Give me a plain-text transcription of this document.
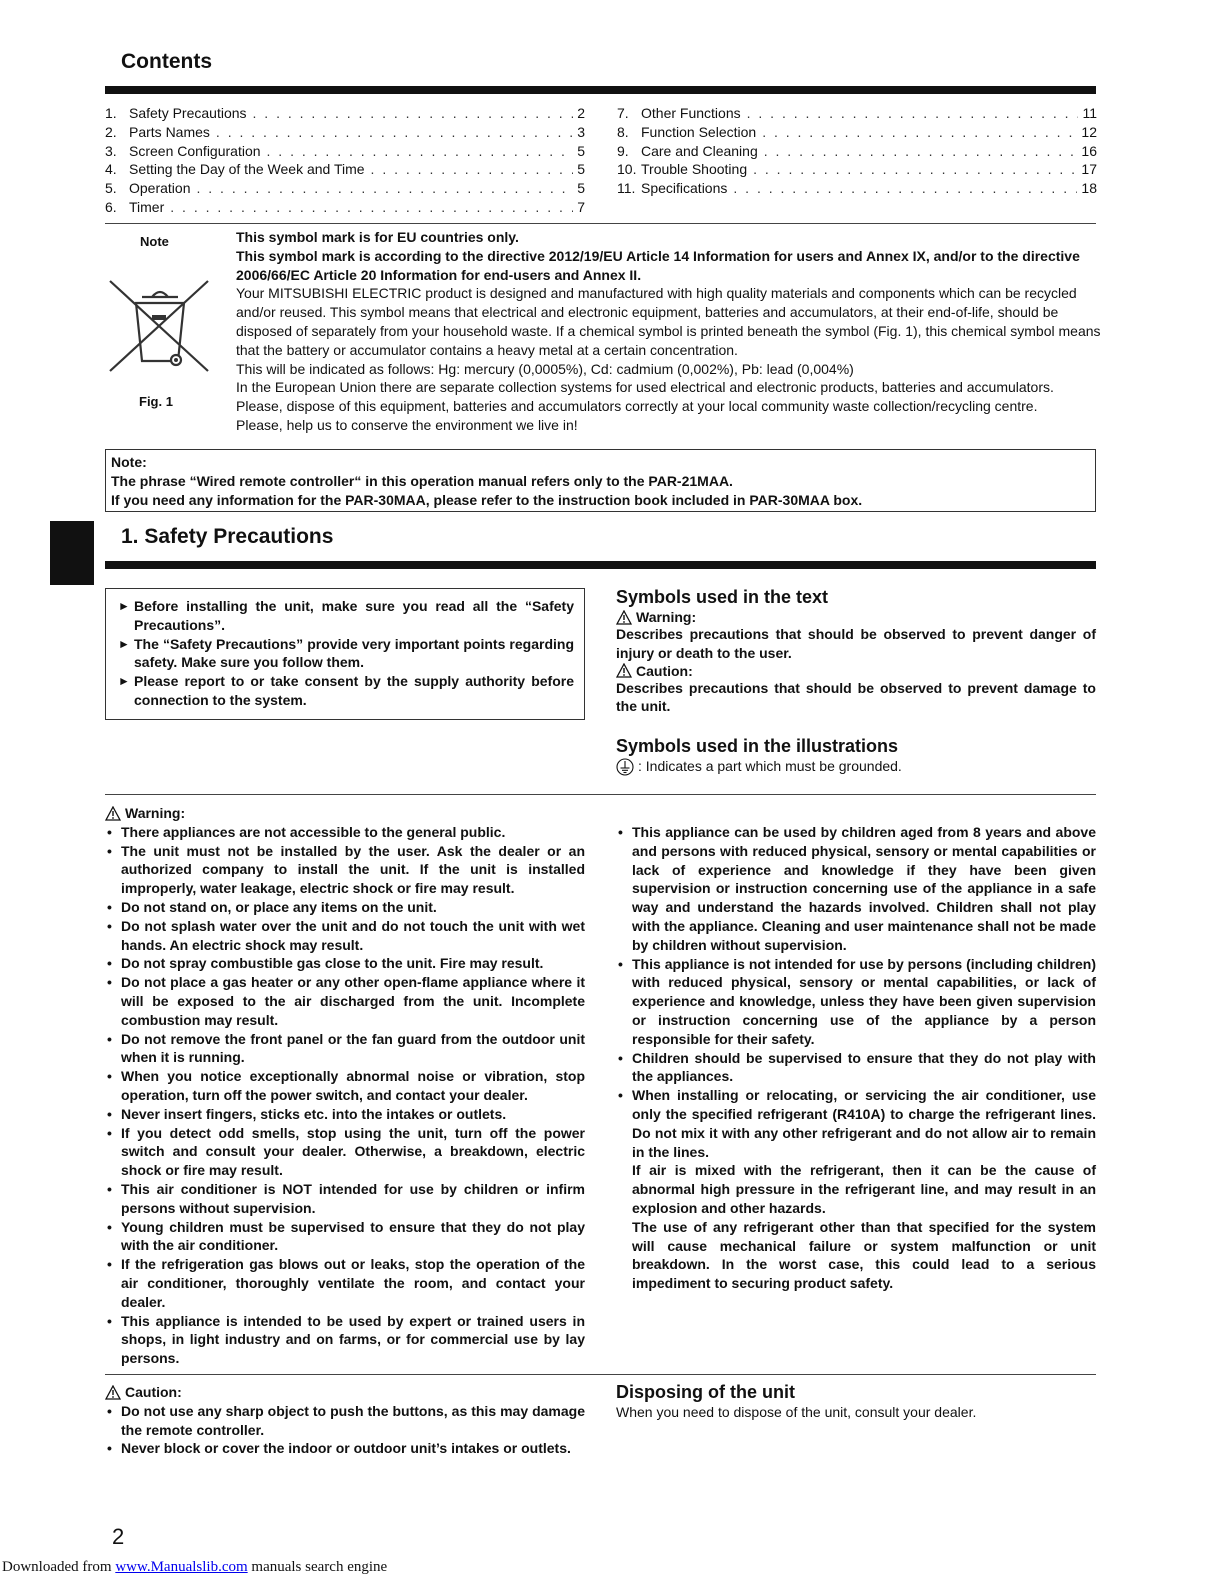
Contents
1. Safety Precautions . . .	2
2. Parts Names . . .	3
3. Screen Configuration . . .	5
4. Setting the Day of the Week and Time . . .	5
5. Operation . . .	5
6. Timer . . .	7
7. Other Functions . . .	11
8. Function Selection . . .	12
9. Care and Cleaning . . .	16
10. Trouble Shooting . . .	17
11. Specifications . . .	18
Note
Fig. 1
This symbol mark is for EU countries only.
This symbol mark is according to the directive 2012/19/EU Article 14 Information for users and Annex IX, and/or to the directive 2006/66/EC Article 20 Information for end-users and Annex II.
Your MITSUBISHI ELECTRIC product is designed and manufactured with high quality materials and components which can be recycled and/or reused. This symbol means that electrical and electronic equipment, batteries and accumulators, at their end-of-life, should be disposed of separately from your household waste. If a chemical symbol is printed beneath the symbol (Fig. 1), this chemical symbol means that the battery or accumulator contains a heavy metal at a certain concentration.
This will be indicated as follows: Hg: mercury (0,0005%), Cd: cadmium (0,002%), Pb: lead (0,004%)
In the European Union there are separate collection systems for used electrical and electronic products, batteries and accumulators.
Please, dispose of this equipment, batteries and accumulators correctly at your local community waste collection/recycling centre.
Please, help us to conserve the environment we live in!
Note:
The phrase “Wired remote controller“ in this operation manual refers only to the PAR-21MAA.
If you need any information for the PAR-30MAA, please refer to the instruction book included in PAR-30MAA box.
1. Safety Precautions
► Before installing the unit, make sure you read all the “Safety Precautions”.
► The “Safety Precautions” provide very important points regarding safety. Make sure you follow them.
► Please report to or take consent by the supply authority before connection to the system.
Symbols used in the text
Warning:
Describes precautions that should be observed to prevent danger of injury or death to the user.
Caution:
Describes precautions that should be observed to prevent damage to the unit.
Symbols used in the illustrations
: Indicates a part which must be grounded.
Warning:
• There appliances are not accessible to the general public.
• The unit must not be installed by the user. Ask the dealer or an authorized company to install the unit. If the unit is installed improperly, water leakage, electric shock or fire may result.
• Do not stand on, or place any items on the unit.
• Do not splash water over the unit and do not touch the unit with wet hands. An electric shock may result.
• Do not spray combustible gas close to the unit. Fire may result.
• Do not place a gas heater or any other open-flame appliance where it will be exposed to the air discharged from the unit. Incomplete combustion may result.
• Do not remove the front panel or the fan guard from the outdoor unit when it is running.
• When you notice exceptionally abnormal noise or vibration, stop operation, turn off the power switch, and contact your dealer.
• Never insert fingers, sticks etc. into the intakes or outlets.
• If you detect odd smells, stop using the unit, turn off the power switch and consult your dealer. Otherwise, a breakdown, electric shock or fire may result.
• This air conditioner is NOT intended for use by children or infirm persons without supervision.
• Young children must be supervised to ensure that they do not play with the air conditioner.
• If the refrigeration gas blows out or leaks, stop the operation of the air conditioner, thoroughly ventilate the room, and contact your dealer.
• This appliance is intended to be used by expert or trained users in shops, in light industry and on farms, or for commercial use by lay persons.
• This appliance can be used by children aged from 8 years and above and persons with reduced physical, sensory or mental capabilities or lack of experience and knowledge if they have been given supervision or instruction concerning use of the appliance in a safe way and understand the hazards involved. Children shall not play with the appliance. Cleaning and user maintenance shall not be made by children without supervision.
• This appliance is not intended for use by persons (including children) with reduced physical, sensory or mental capabilities, or lack of experience and knowledge, unless they have been given supervision or instruction concerning use of the appliance by a person responsible for their safety.
• Children should be supervised to ensure that they do not play with the appliances.
• When installing or relocating, or servicing the air conditioner, use only the specified refrigerant (R410A) to charge the refrigerant lines. Do not mix it with any other refrigerant and do not allow air to remain in the lines.
If air is mixed with the refrigerant, then it can be the cause of abnormal high pressure in the refrigerant line, and may result in an explosion and other hazards.
The use of any refrigerant other than that specified for the system will cause mechanical failure or system malfunction or unit breakdown. In the worst case, this could lead to a serious impediment to securing product safety.
Caution:
• Do not use any sharp object to push the buttons, as this may damage the remote controller.
• Never block or cover the indoor or outdoor unit’s intakes or outlets.
Disposing of the unit
When you need to dispose of the unit, consult your dealer.
2
Downloaded from www.Manualslib.com manuals search engine
